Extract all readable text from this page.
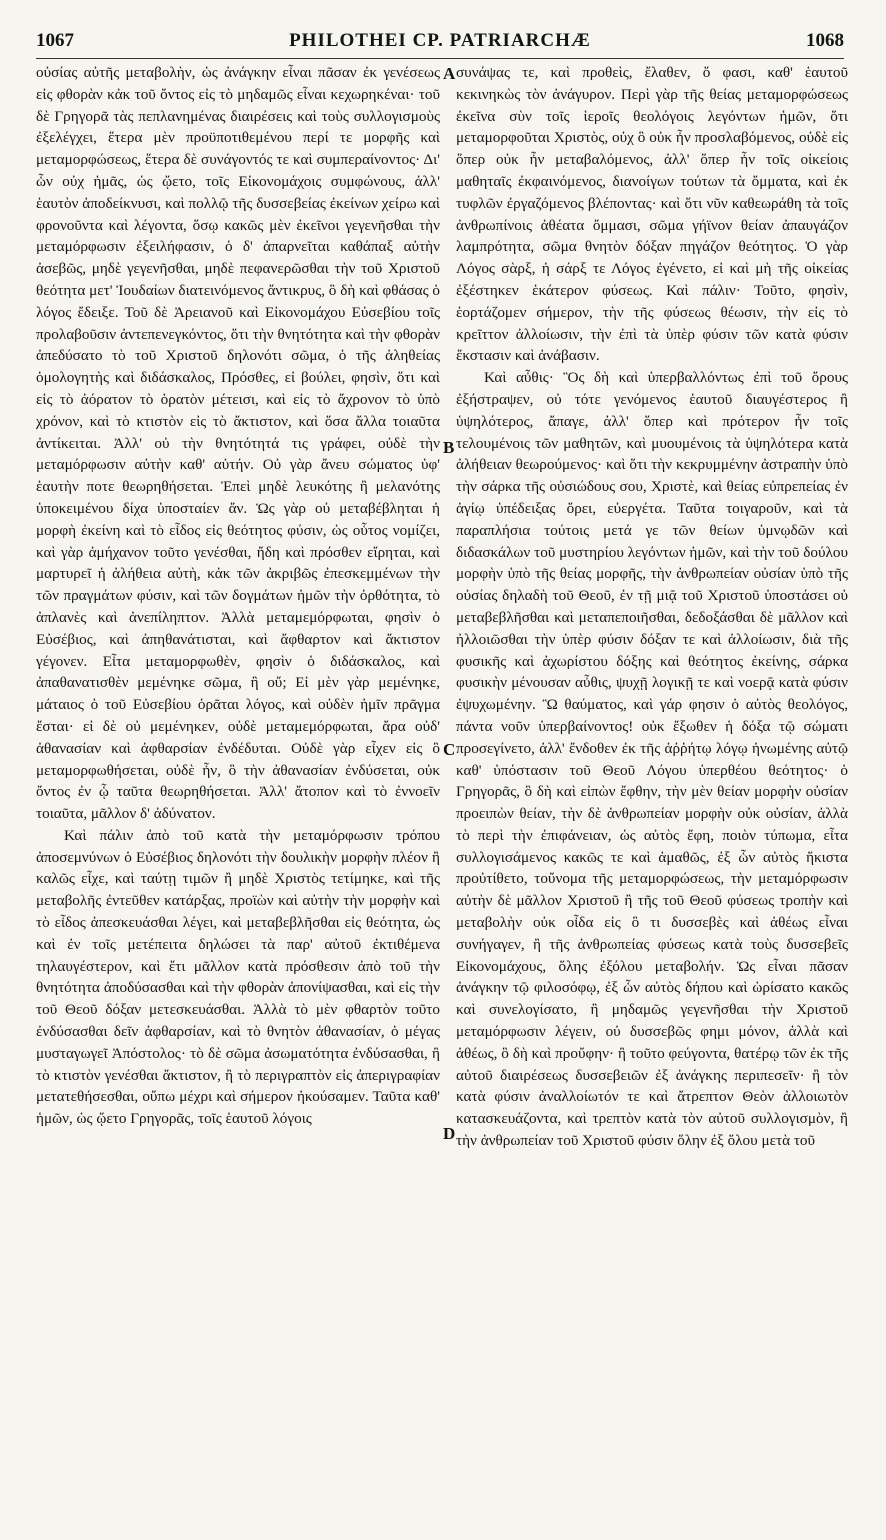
1067	PHILOTHEI CP. PATRIARCHÆ	1068

οὐσίας αὐτῆς μεταβολὴν, ὡς ἀνάγκην εἶναι πᾶσαν ἐκ γενέσεως εἰς φθορὰν κἀκ τοῦ ὄντος εἰς τὸ μηδαμῶς εἶναι κεχωρηκέναι· τοῦ δὲ Γρηγορᾶ τὰς πεπλανημένας διαιρέσεις καὶ τοὺς συλλογισμοὺς ἐξελέγχει, ἕτερα μὲν προϋποτιθεμένου περί τε μορφῆς καὶ μεταμορφώσεως, ἕτερα δὲ συνάγοντός τε καὶ συμπεραίνοντος· Δι' ὧν οὐχ ἡμᾶς, ὡς ᾤετο, τοῖς Εἰκονομάχοις συμφώνους, ἀλλ' ἑαυτὸν ἀποδείκνυσι, καὶ πολλῷ τῆς δυσσεβείας ἐκείνων χείρω καὶ φρονοῦντα καὶ λέγοντα, ὅσῳ κακῶς μὲν ἐκεῖνοι γεγενῆσθαι τὴν μεταμόρφωσιν ἐξειλήφασιν, ὁ δ' ἀπαρνεῖται καθάπαξ αὐτὴν ἀσεβῶς, μηδὲ γεγενῆσθαι, μηδὲ πεφανερῶσθαι τὴν τοῦ Χριστοῦ θεότητα μετ' Ἰουδαίων διατεινόμενος ἄντικρυς, ὃ δὴ καὶ φθάσας ὁ λόγος ἔδειξε. Τοῦ δὲ Ἀρειανοῦ καὶ Εἰκονομάχου Εὐσεβίου τοῖς προλαβοῦσιν ἀντεπενεγκόντος, ὅτι τὴν θνητότητα καὶ τὴν φθορὰν ἀπεδύσατο τὸ τοῦ Χριστοῦ δηλονότι σῶμα, ὁ τῆς ἀληθείας ὁμολογητὴς καὶ διδάσκαλος, Πρόσθες, εἰ βούλει, φησὶν, ὅτι καὶ εἰς τὸ ἀόρατον τὸ ὁρατὸν μέτεισι, καὶ εἰς τὸ ἄχρονον τὸ ὑπὸ χρόνον, καὶ τὸ κτιστὸν εἰς τὸ ἄκτιστον, καὶ ὅσα ἄλλα τοιαῦτα ἀντίκειται. Ἀλλ' οὐ τὴν θνητότητά τις γράφει, οὐδὲ τὴν μεταμόρφωσιν αὐτὴν καθ' αὑτήν. Οὐ γὰρ ἄνευ σώματος ὑφ' ἑαυτὴν ποτε θεωρηθήσεται. Ἐπεὶ μηδὲ λευκότης ἢ μελανότης ὑποκειμένου δίχα ὑποσταίεν ἄν. Ὡς γὰρ οὐ μεταβέβληται ἡ μορφὴ ἐκείνη καὶ τὸ εἶδος εἰς θεότητος φύσιν, ὡς οὗτος νομίζει, καὶ γὰρ ἀμήχανον τοῦτο γενέσθαι, ἤδη καὶ πρόσθεν εἴρηται, καὶ μαρτυρεῖ ἡ ἀλήθεια αὐτὴ, κἀκ τῶν ἀκριβῶς ἐπεσκεμμένων τὴν τῶν πραγμάτων φύσιν, καὶ τῶν δογμάτων ἡμῶν τὴν ὀρθότητα, τὸ ἀπλανὲς καὶ ἀνεπίληπτον. Ἀλλὰ μεταμεμόρφωται, φησὶν ὁ Εὐσέβιος, καὶ ἀπηθανάτισται, καὶ ἄφθαρτον καὶ ἄκτιστον γέγονεν. Εἶτα μεταμορφωθὲν, φησὶν ὁ διδάσκαλος, καὶ ἀπαθανατισθὲν μεμένηκε σῶμα, ἢ οὔ; Εἰ μὲν γὰρ μεμένηκε, μάταιος ὁ τοῦ Εὐσεβίου ὁρᾶται λόγος, καὶ οὐδὲν ἡμῖν πρᾶγμα ἔσται· εἰ δὲ οὐ μεμένηκεν, οὐδὲ μεταμεμόρφωται, ἄρα οὐδ' ἀθανασίαν καὶ ἀφθαρσίαν ἐνδέδυται. Οὐδὲ γὰρ εἶχεν εἰς ὃ μεταμορφωθήσεται, οὐδὲ ἦν, ὃ τὴν ἀθανασίαν ἐνδύσεται, οὐκ ὄντος ἐν ᾧ ταῦτα θεωρηθήσεται. Ἀλλ' ἄτοπον καὶ τὸ ἐννοεῖν τοιαῦτα, μᾶλλον δ' ἀδύνατον.

Καὶ πάλιν ἀπὸ τοῦ κατὰ τὴν μεταμόρφωσιν τρόπου ἀποσεμνύνων ὁ Εὐσέβιος δηλονότι τὴν δουλικὴν μορφὴν πλέον ἢ καλῶς εἶχε, καὶ ταύτῃ τιμῶν ἢ μηδὲ Χριστὸς τετίμηκε, καὶ τῆς μεταβολῆς ἐντεῦθεν κατάρξας, προϊὼν καὶ αὐτὴν τὴν μορφὴν καὶ τὸ εἶδος ἀπεσκευάσθαι λέγει, καὶ μεταβεβλῆσθαι εἰς θεότητα, ὡς καὶ ἐν τοῖς μετέπειτα δηλώσει τὰ παρ' αὐτοῦ ἐκτιθέμενα τηλαυγέστερον, καὶ ἔτι μᾶλλον κατὰ πρόσθεσιν ἀπὸ τοῦ τὴν θνητότητα ἀποδύσασθαι καὶ τὴν φθορὰν ἀπονίψασθαι, καὶ εἰς τὴν τοῦ Θεοῦ δόξαν μετεσκευάσθαι. Ἀλλὰ τὸ μὲν φθαρτὸν τοῦτο ἐνδύσασθαι δεῖν ἀφθαρσίαν, καὶ τὸ θνητὸν ἀθανασίαν, ὁ μέγας μυσταγωγεῖ Ἀπόστολος· τὸ δὲ σῶμα ἀσωματότητα ἐνδύσασθαι, ἢ τὸ κτιστὸν γενέσθαι ἄκτιστον, ἢ τὸ περιγραπτὸν εἰς ἀπεριγραφίαν μετατεθήσεσθαι, οὔπω μέχρι καὶ σήμερον ἠκούσαμεν. Ταῦτα καθ' ἡμῶν, ὡς ᾤετο Γρηγορᾶς, τοῖς ἑαυτοῦ λόγοις

A
B
C
D

συνάψας τε, καὶ προθεὶς, ἔλαθεν, ὅ φασι, καθ' ἑαυτοῦ κεκινηκὼς τὸν ἀνάγυρον. Περὶ γὰρ τῆς θείας μεταμορφώσεως ἐκεῖνα σὺν τοῖς ἱεροῖς θεολόγοις λεγόντων ἡμῶν, ὅτι μεταμορφοῦται Χριστὸς, οὐχ ὃ οὐκ ἦν προσλαβόμενος, οὐδὲ εἰς ὅπερ οὐκ ἦν μεταβαλόμενος, ἀλλ' ὅπερ ἦν τοῖς οἰκείοις μαθηταῖς ἐκφαινόμενος, διανοίγων τούτων τὰ ὄμματα, καὶ ἐκ τυφλῶν ἐργαζόμενος βλέποντας· καὶ ὅτι νῦν καθεωράθη τὰ τοῖς ἀνθρωπίνοις ἀθέατα ὄμμασι, σῶμα γήϊνον θείαν ἀπαυγάζον λαμπρότητα, σῶμα θνητὸν δόξαν πηγάζον θεότητος. Ὁ γὰρ Λόγος σὰρξ, ἡ σάρξ τε Λόγος ἐγένετο, εἰ καὶ μὴ τῆς οἰκείας ἐξέστηκεν ἑκάτερον φύσεως. Καὶ πάλιν· Τοῦτο, φησὶν, ἑορτάζομεν σήμερον, τὴν τῆς φύσεως θέωσιν, τὴν εἰς τὸ κρεῖττον ἀλλοίωσιν, τὴν ἐπὶ τὰ ὑπὲρ φύσιν τῶν κατὰ φύσιν ἔκστασιν καὶ ἀνάβασιν.

Καὶ αὖθις· Ὃς δὴ καὶ ὑπερβαλλόντως ἐπὶ τοῦ ὄρους ἐξήστραψεν, οὐ τότε γενόμενος ἑαυτοῦ διαυγέστερος ἢ ὑψηλότερος, ἄπαγε, ἀλλ' ὅπερ καὶ πρότερον ἦν τοῖς τελουμένοις τῶν μαθητῶν, καὶ μυουμένοις τὰ ὑψηλότερα κατὰ ἀλήθειαν θεωρούμενος· καὶ ὅτι τὴν κεκρυμμένην ἀστραπὴν ὑπὸ τὴν σάρκα τῆς οὐσιώδους σου, Χριστὲ, καὶ θείας εὐπρεπείας ἐν ἁγίῳ ὑπέδειξας ὄρει, εὐεργέτα. Ταῦτα τοιγαροῦν, καὶ τὰ παραπλήσια τούτοις μετά γε τῶν θείων ὑμνῳδῶν καὶ διδασκάλων τοῦ μυστηρίου λεγόντων ἡμῶν, καὶ τὴν τοῦ δούλου μορφὴν ὑπὸ τῆς θείας μορφῆς, τὴν ἀνθρωπείαν οὐσίαν ὑπὸ τῆς οὐσίας δηλαδὴ τοῦ Θεοῦ, ἐν τῇ μιᾷ τοῦ Χριστοῦ ὑποστάσει οὐ μεταβεβλῆσθαι καὶ μεταπεποιῆσθαι, δεδοξάσθαι δὲ μᾶλλον καὶ ἠλλοιῶσθαι τὴν ὑπὲρ φύσιν δόξαν τε καὶ ἀλλοίωσιν, διὰ τῆς φυσικῆς καὶ ἀχωρίστου δόξης καὶ θεότητος ἐκείνης, σάρκα φυσικὴν μένουσαν αὖθις, ψυχῇ λογικῇ τε καὶ νοερᾷ κατὰ φύσιν ἐψυχωμένην. Ὢ θαύματος, καὶ γάρ φησιν ὁ αὐτὸς θεολόγος, πάντα νοῦν ὑπερβαίνοντος! οὐκ ἔξωθεν ἡ δόξα τῷ σώματι προσεγίνετο, ἀλλ' ἔνδοθεν ἐκ τῆς ἀῤῥήτῳ λόγῳ ἡνωμένης αὐτῷ καθ' ὑπόστασιν τοῦ Θεοῦ Λόγου ὑπερθέου θεότητος· ὁ Γρηγορᾶς, ὃ δὴ καὶ εἰπὼν ἔφθην, τὴν μὲν θείαν μορφὴν οὐσίαν προειπὼν θείαν, τὴν δὲ ἀνθρωπείαν μορφὴν οὐκ οὐσίαν, ἀλλὰ τὸ περὶ τὴν ἐπιφάνειαν, ὡς αὐτὸς ἔφη, ποιὸν τύπωμα, εἶτα συλλογισάμενος κακῶς τε καὶ ἀμαθῶς, ἐξ ὧν αὐτὸς ἥκιστα προὐτίθετο, τοὔνομα τῆς μεταμορφώσεως, τὴν μεταμόρφωσιν αὐτὴν δὲ μᾶλλον Χριστοῦ ἢ τῆς τοῦ Θεοῦ φύσεως τροπὴν καὶ μεταβολὴν οὐκ οἶδα εἰς ὃ τι δυσσεβὲς καὶ ἀθέως εἶναι συνήγαγεν, ἢ τῆς ἀνθρωπείας φύσεως κατὰ τοὺς δυσσεβεῖς Εἰκονομάχους, ὅλης ἐξόλου μεταβολήν. Ὡς εἶναι πᾶσαν ἀνάγκην τῷ φιλοσόφῳ, ἐξ ὧν αὐτὸς δήπου καὶ ὡρίσατο κακῶς καὶ συνελογίσατο, ἢ μηδαμῶς γεγενῆσθαι τὴν Χριστοῦ μεταμόρφωσιν λέγειν, οὐ δυσσεβῶς φημι μόνον, ἀλλὰ καὶ ἀθέως, ὃ δὴ καὶ προὔφην· ἢ τοῦτο φεύγοντα, θατέρῳ τῶν ἐκ τῆς αὐτοῦ διαιρέσεως δυσσεβειῶν ἐξ ἀνάγκης περιπεσεῖν· ἢ τὸν κατὰ φύσιν ἀναλλοίωτόν τε καὶ ἄτρεπτον Θεὸν ἀλλοιωτὸν κατασκευάζοντα, καὶ τρεπτὸν κατὰ τὸν αὐτοῦ συλλογισμὸν, ἢ τὴν ἀνθρωπείαν τοῦ Χριστοῦ φύσιν ὅλην ἐξ ὅλου μετὰ τοῦ
